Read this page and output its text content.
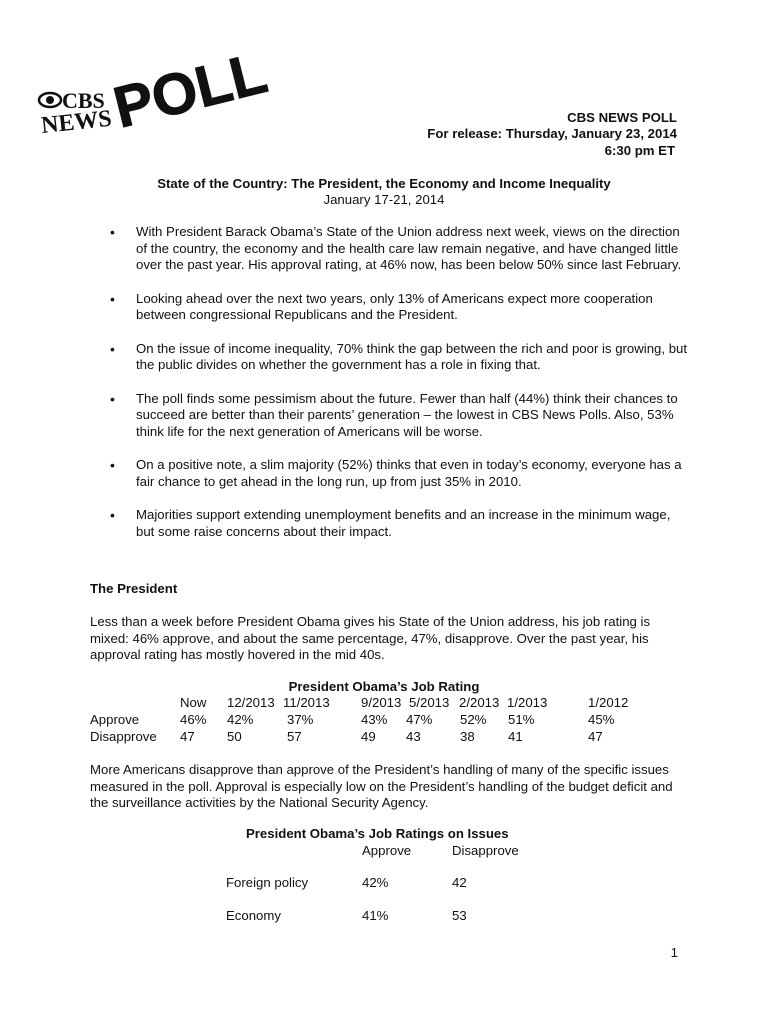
CBS
NEWS
POLL	CBS NEWS POLL
For release: Thursday, January 23, 2014
6:30 pm ET
State of the Country: The President, the Economy and Income Inequality
January 17-21, 2014
• With President Barack Obama’s State of the Union address next week, views on the direction of the country, the economy and the health care law remain negative, and have changed little over the past year. His approval rating, at 46% now, has been below 50% since last February.
• Looking ahead over the next two years, only 13% of Americans expect more cooperation between congressional Republicans and the President.
• On the issue of income inequality, 70% think the gap between the rich and poor is growing, but the public divides on whether the government has a role in fixing that.
• The poll finds some pessimism about the future. Fewer than half (44%) think their chances to succeed are better than their parents’ generation – the lowest in CBS News Polls. Also, 53% think life for the next generation of Americans will be worse.
• On a positive note, a slim majority (52%) thinks that even in today’s economy, everyone has a fair chance to get ahead in the long run, up from just 35% in 2010.
• Majorities support extending unemployment benefits and an increase in the minimum wage, but some raise concerns about their impact.
The President
Less than a week before President Obama gives his State of the Union address, his job rating is mixed: 46% approve, and about the same percentage, 47%, disapprove. Over the past year, his approval rating has mostly hovered in the mid 40s.
President Obama’s Job Rating
Now 12/2013 11/2013 9/2013 5/2013 2/2013 1/2013	1/2012
Approve	46% 42%	37%	43% 47% 52% 51%	45%
Disapprove 47 50	57	49 43	38	41	47
More Americans disapprove than approve of the President’s handling of many of the specific issues measured in the poll. Approval is especially low on the President’s handling of the budget deficit and the surveillance activities by the National Security Agency.
President Obama’s Job Ratings on Issues
Approve	Disapprove
Foreign policy	42%	42
Economy	41%	53
1
